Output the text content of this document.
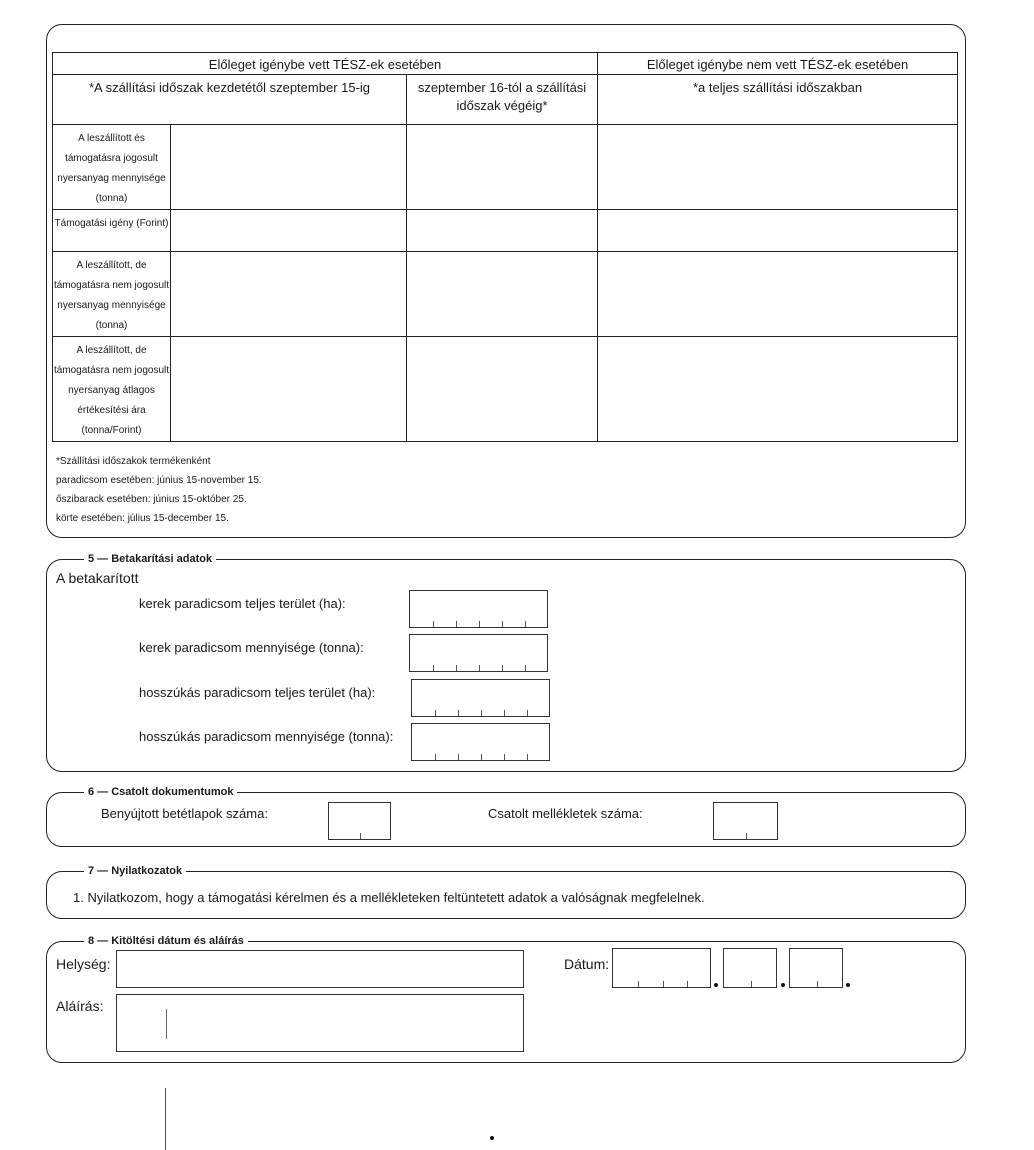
Előleget igénybe vett TÉSZ-ek esetében			Előleget igénybe nem vett TÉSZ-ek esetében
*A szállítási időszak kezdetétől szeptember 15-ig		szeptember 16-tól a szállítási időszak végéig*	*a teljes szállítási időszakban
A leszállított és támogatásra jogosult nyersanyag mennyisége (tonna)			
Támogatási igény (Forint)			
A leszállított, de támogatásra nem jogosult nyersanyag mennyisége (tonna)			
A leszállított, de támogatásra nem jogosult nyersanyag átlagos értékesítési ára (tonna/Forint)			
*Szállítási időszakok termékenként
paradicsom esetében: június 15-november 15.
őszibarack esetében: június 15-október 25.
körte esetében: július 15-december 15.
5 — Betakarítási adatok
A betakarított
kerek paradicsom teljes terület (ha):
kerek paradicsom mennyisége (tonna):
hosszúkás paradicsom teljes terület (ha):
hosszúkás paradicsom mennyisége (tonna):
6 — Csatolt dokumentumok
Benyújtott betétlapok száma:	Csatolt mellékletek száma:
7 — Nyilatkozatok
1. Nyilatkozom, hogy a támogatási kérelmen és a mellékleteken feltüntetett adatok a valóságnak megfelelnek.
8 — Kitöltési dátum és aláírás
Helység:	Dátum:
Aláírás:
